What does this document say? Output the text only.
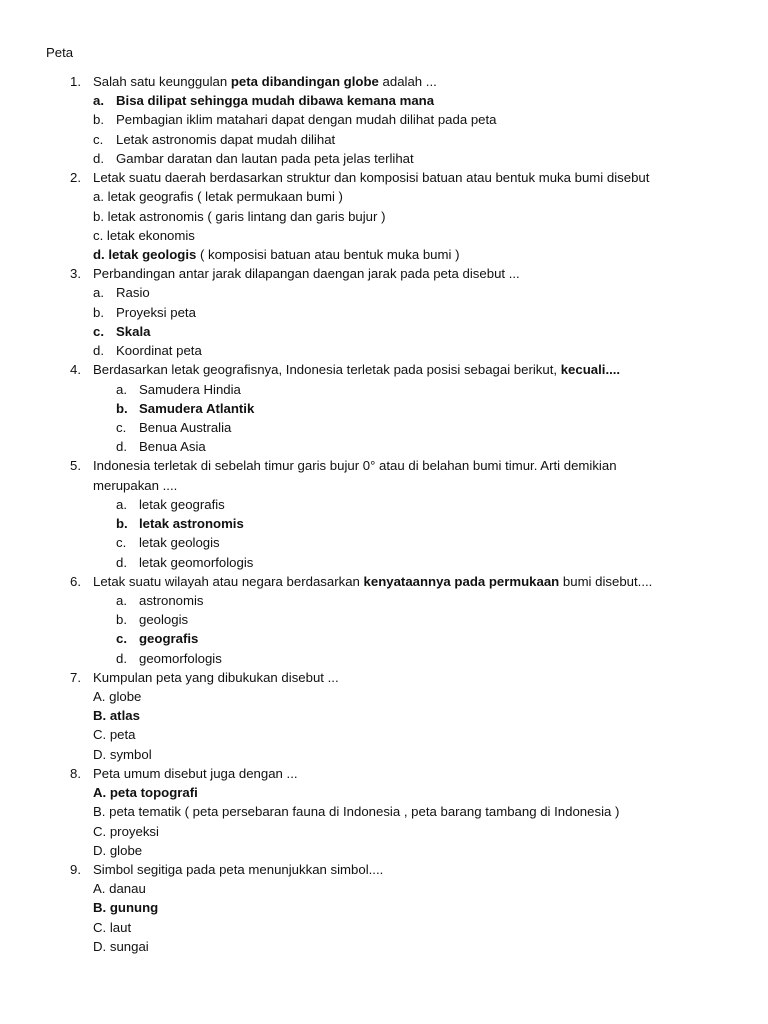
Peta
1. Salah satu keunggulan peta dibandingan globe adalah ...
a. Bisa dilipat sehingga mudah dibawa kemana mana
b. Pembagian iklim matahari dapat dengan mudah dilihat pada peta
c. Letak astronomis dapat mudah dilihat
d. Gambar daratan dan lautan pada peta jelas terlihat
2. Letak suatu daerah berdasarkan struktur dan komposisi batuan atau bentuk muka bumi disebut
a. letak geografis ( letak permukaan bumi )
b. letak astronomis ( garis lintang dan garis bujur )
c. letak ekonomis
d. letak geologis ( komposisi batuan atau bentuk muka bumi )
3. Perbandingan antar jarak dilapangan daengan jarak pada peta disebut ...
a. Rasio
b. Proyeksi peta
c. Skala
d. Koordinat peta
4. Berdasarkan letak geografisnya, Indonesia terletak pada posisi sebagai berikut, kecuali....
a. Samudera Hindia
b. Samudera Atlantik
c. Benua Australia
d. Benua Asia
5. Indonesia terletak di sebelah timur garis bujur 0° atau di belahan bumi timur. Arti demikian
merupakan ....
a. letak geografis
b. letak astronomis
c. letak geologis
d. letak geomorfologis
6. Letak suatu wilayah atau negara berdasarkan kenyataannya pada permukaan bumi disebut....
a. astronomis
b. geologis
c. geografis
d. geomorfologis
7. Kumpulan peta yang dibukukan disebut ...
A. globe
B. atlas
C. peta
D. symbol
8. Peta umum disebut juga dengan ...
A. peta topografi
B. peta tematik ( peta persebaran fauna di Indonesia , peta barang tambang di Indonesia )
C. proyeksi
D. globe
9. Simbol segitiga pada peta menunjukkan simbol....
A. danau
B. gunung
C. laut
D. sungai
